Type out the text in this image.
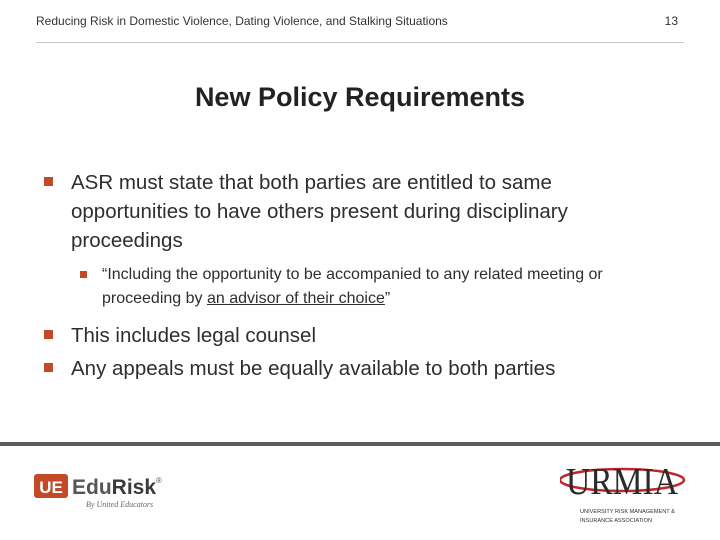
Reducing Risk in Domestic Violence, Dating Violence, and Stalking Situations	13
New Policy Requirements
ASR must state that both parties are entitled to same opportunities to have others present during disciplinary proceedings
“Including the opportunity to be accompanied to any related meeting or proceeding by an advisor of their choice”
This includes legal counsel
Any appeals must be equally available to both parties
UE EduRisk ®
By United Educators
URMIA
UNIVERSITY RISK MANAGEMENT &
INSURANCE ASSOCIATION
